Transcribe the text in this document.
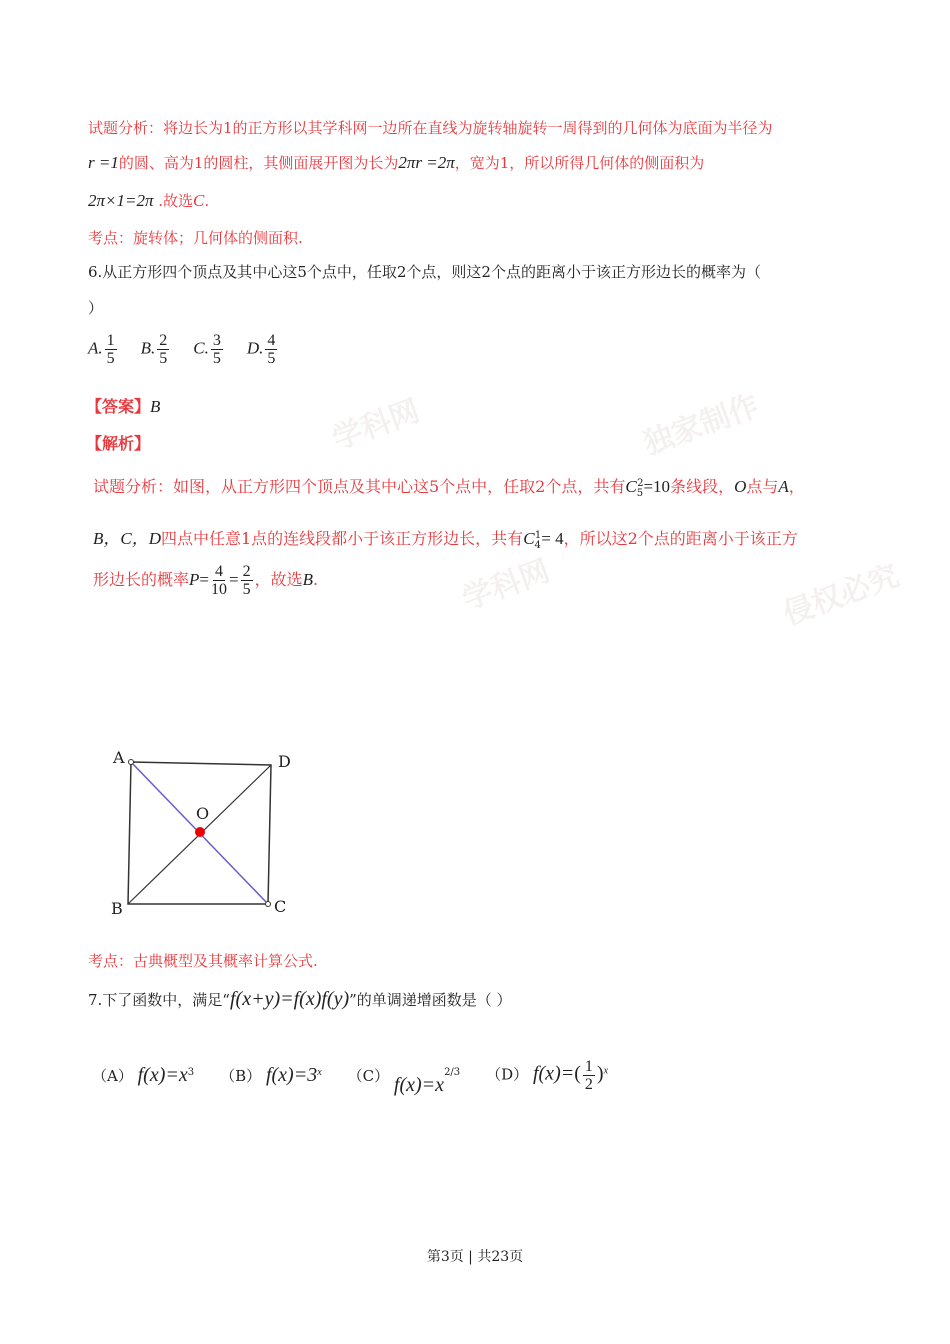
学科网	独家制作
学科网	侵权必究
试题分析：将边长为1的正方形以其学科网一边所在直线为旋转轴旋转一周得到的几何体为底面为半径为
r =1的圆、高为1的圆柱，其侧面展开图为长为2πr =2π，宽为1，所以所得几何体的侧面积为
2π×1=2π .故选C.
考点：旋转体；几何体的侧面积.
6.从正方形四个顶点及其中心这5个点中，任取2个点，则这2个点的距离小于该正方形边长的概率为（
）
A. $\frac{1}{5} B$. $\frac{2}{5} C$. $\frac{3}{5} D$. $\frac{4}{5}$
【答案】B
【解析】
试题分析：如图，从正方形四个顶点及其中心这5个点中，任取2个点，共有$C_5^2=10$条线段，O点与A，
B，C，D四点中任意1点的连线段都小于该正方形边长，共有$C_4^1= 4$，所以这2个点的距离小于该正方
形边长的概率$P= \frac{4}{10} = \frac{2}{5}$ ，故选B.
A	D
O
B	C
考点：古典概型及其概率计算公式.
7.下了函数中，满足“f(x+y)=f(x)f(y)”的单调递增函数是（ ）
（A） $f(x)=x^3$ （B） $f(x)=3^x$ （C） $f(x)=x^{2/3}$ （D） $f(x)=( \frac{1}{2} )^x$
第3页 | 共23页
